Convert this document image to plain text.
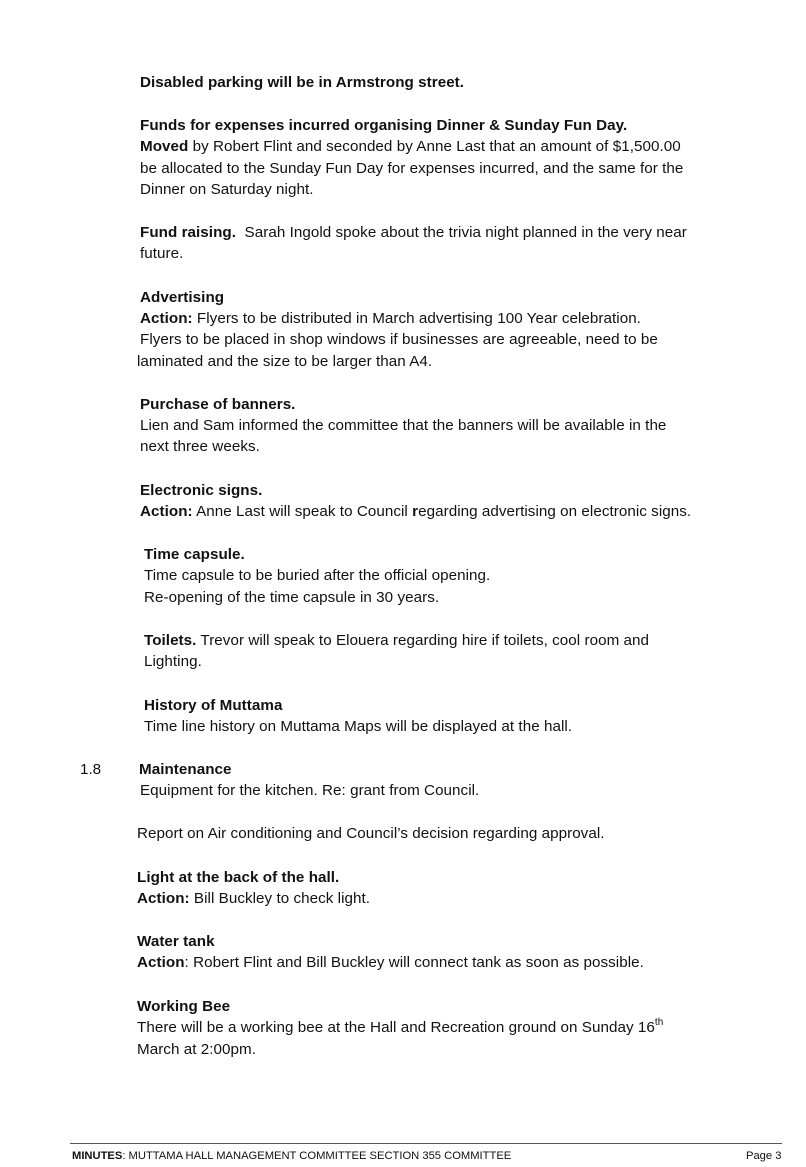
Disabled parking will be in Armstrong street.
Funds for expenses incurred organising Dinner & Sunday Fun Day.
Moved by Robert Flint and seconded by Anne Last that an amount of $1,500.00
be allocated to the Sunday Fun Day for expenses incurred, and the same for the
Dinner on Saturday night.
Fund raising.  Sarah Ingold spoke about the trivia night planned in the very near
future.
Advertising
Action: Flyers to be distributed in March advertising 100 Year celebration.
Flyers to be placed in shop windows if businesses are agreeable, need to be
laminated and the size to be larger than A4.
Purchase of banners.
Lien and Sam informed the committee that the banners will be available in the
next three weeks.
Electronic signs.
Action: Anne Last will speak to Council regarding advertising on electronic signs.
Time capsule.
Time capsule to be buried after the official opening.
Re-opening of the time capsule in 30 years.
Toilets. Trevor will speak to Elouera regarding hire if toilets, cool room and
Lighting.
History of Muttama
Time line history on Muttama Maps will be displayed at the hall.
1.8 Maintenance
Equipment for the kitchen. Re: grant from Council.
Report on Air conditioning and Council’s decision regarding approval.
Light at the back of the hall.
Action: Bill Buckley to check light.
Water tank
Action: Robert Flint and Bill Buckley will connect tank as soon as possible.
Working Bee
There will be a working bee at the Hall and Recreation ground on Sunday 16th
March at 2:00pm.
MINUTES: MUTTAMA HALL MANAGEMENT COMMITTEE SECTION 355 COMMITTEE	Page 3
